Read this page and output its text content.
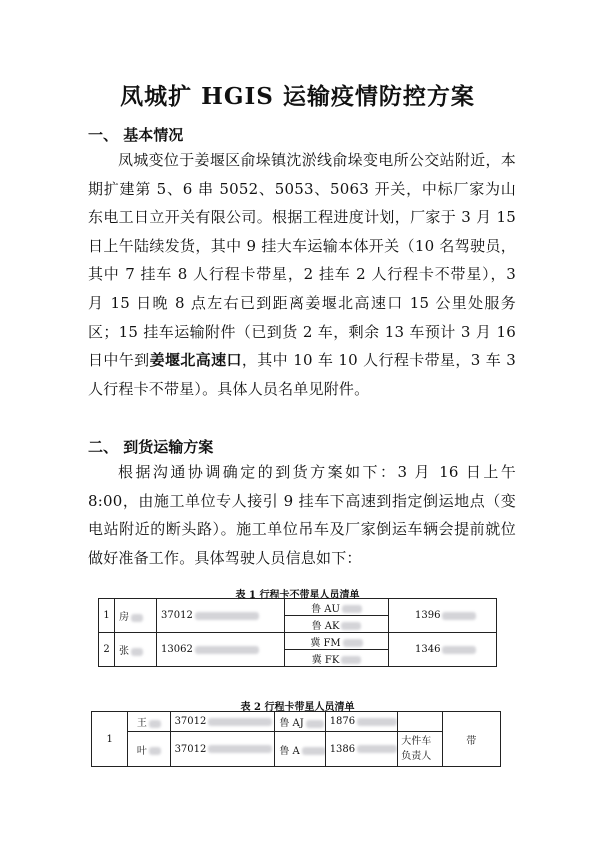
凤城扩 HGIS 运输疫情防控方案

一、 基本情况

凤城变位于姜堰区俞垛镇沈淤线俞垛变电所公交站附近，本期扩建第 5、6 串 5052、5053、5063 开关，中标厂家为山东电工日立开关有限公司。根据工程进度计划，厂家于 3 月 15 日上午陆续发货，其中 9 挂大车运输本体开关（10 名驾驶员，其中 7 挂车 8 人行程卡带星，2 挂车 2 人行程卡不带星），3 月 15 日晚 8 点左右已到距离姜堰北高速口 15 公里处服务区；15 挂车运输附件（已到货 2 车，剩余 13 车预计 3 月 16 日中午到姜堰北高速口，其中 10 车 10 人行程卡带星，3 车 3 人行程卡不带星）。具体人员名单见附件。

二、 到货运输方案

根据沟通协调确定的到货方案如下：3 月 16 日上午 8:00，由施工单位专人接引 9 挂车下高速到指定倒运地点（变电站附近的断头路）。施工单位吊车及厂家倒运车辆会提前就位做好准备工作。具体驾驶人员信息如下：

表 1 行程卡不带星人员清单

1	房	37012	鲁 AU	1396
			鲁 AK	
2	张	13062	冀 FM	1346
			冀 FK	

表 2 行程卡带星人员清单

1	王	37012	鲁 AJ	1876		带
	叶	37012	鲁 A	1386	大件车负责人	
